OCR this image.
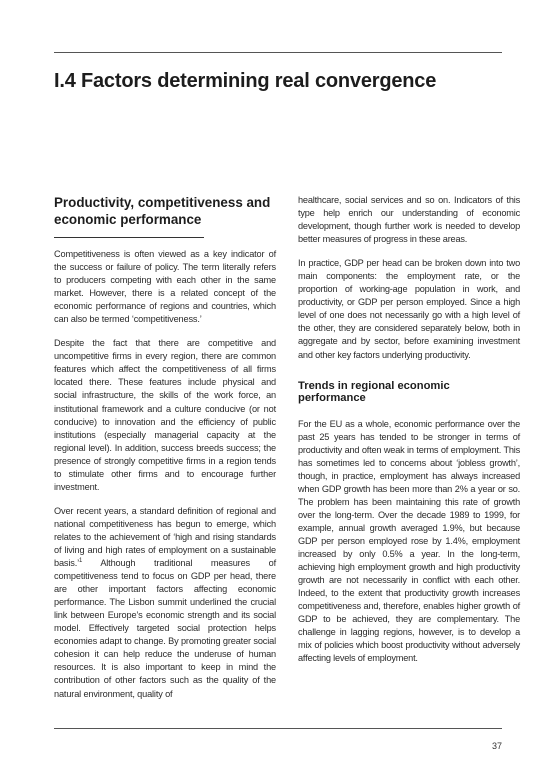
I.4 Factors determining real convergence
Productivity, competitiveness and economic performance

Competitiveness is often viewed as a key indicator of the success or failure of policy. The term literally refers to producers competing with each other in the same market. However, there is a related concept of the economic performance of regions and countries, which can also be termed ‘competitiveness.’

Despite the fact that there are competitive and uncompetitive firms in every region, there are common features which affect the competitiveness of all firms located there. These features include physical and social infrastructure, the skills of the work force, an institutional framework and a culture conducive (or not conducive) to innovation and the efficiency of public institutions (especially managerial capacity at the regional level). In addition, success breeds success; the presence of strongly competitive firms in a region tends to stimulate other firms and to encourage further investment.

Over recent years, a standard definition of regional and national competitiveness has begun to emerge, which relates to the achievement of ‘high and rising standards of living and high rates of employment on a sustainable basis.’$^1$ Although traditional measures of competitiveness tend to focus on GDP per head, there are other important factors affecting economic performance. The Lisbon summit underlined the crucial link between Europe’s economic strength and its social model. Effectively targeted social protection helps economies adapt to change. By promoting greater social cohesion it can help reduce the underuse of human resources. It is also important to keep in mind the contribution of other factors such as the quality of the natural environment, quality of

healthcare, social services and so on. Indicators of this type help enrich our understanding of economic development, though further work is needed to develop better measures of progress in these areas.

In practice, GDP per head can be broken down into two main components: the employment rate, or the proportion of working-age population in work, and productivity, or GDP per person employed. Since a high level of one does not necessarily go with a high level of the other, they are considered separately below, both in aggregate and by sector, before examining investment and other key factors underlying productivity.

Trends in regional economic performance

For the EU as a whole, economic performance over the past 25 years has tended to be stronger in terms of productivity and often weak in terms of employment. This has sometimes led to concerns about ‘jobless growth’, though, in practice, employment has always increased when GDP growth has been more than 2% a year or so. The problem has been maintaining this rate of growth over the long-term. Over the decade 1989 to 1999, for example, annual growth averaged 1.9%, but because GDP per person employed rose by 1.4%, employment increased by only 0.5% a year. In the long-term, achieving high employment growth and high productivity growth are not necessarily in conflict with each other. Indeed, to the extent that productivity growth increases competitiveness and, therefore, enables higher growth of GDP to be achieved, they are complementary. The challenge in lagging regions, however, is to develop a mix of policies which boost productivity without adversely affecting levels of employment.

37
